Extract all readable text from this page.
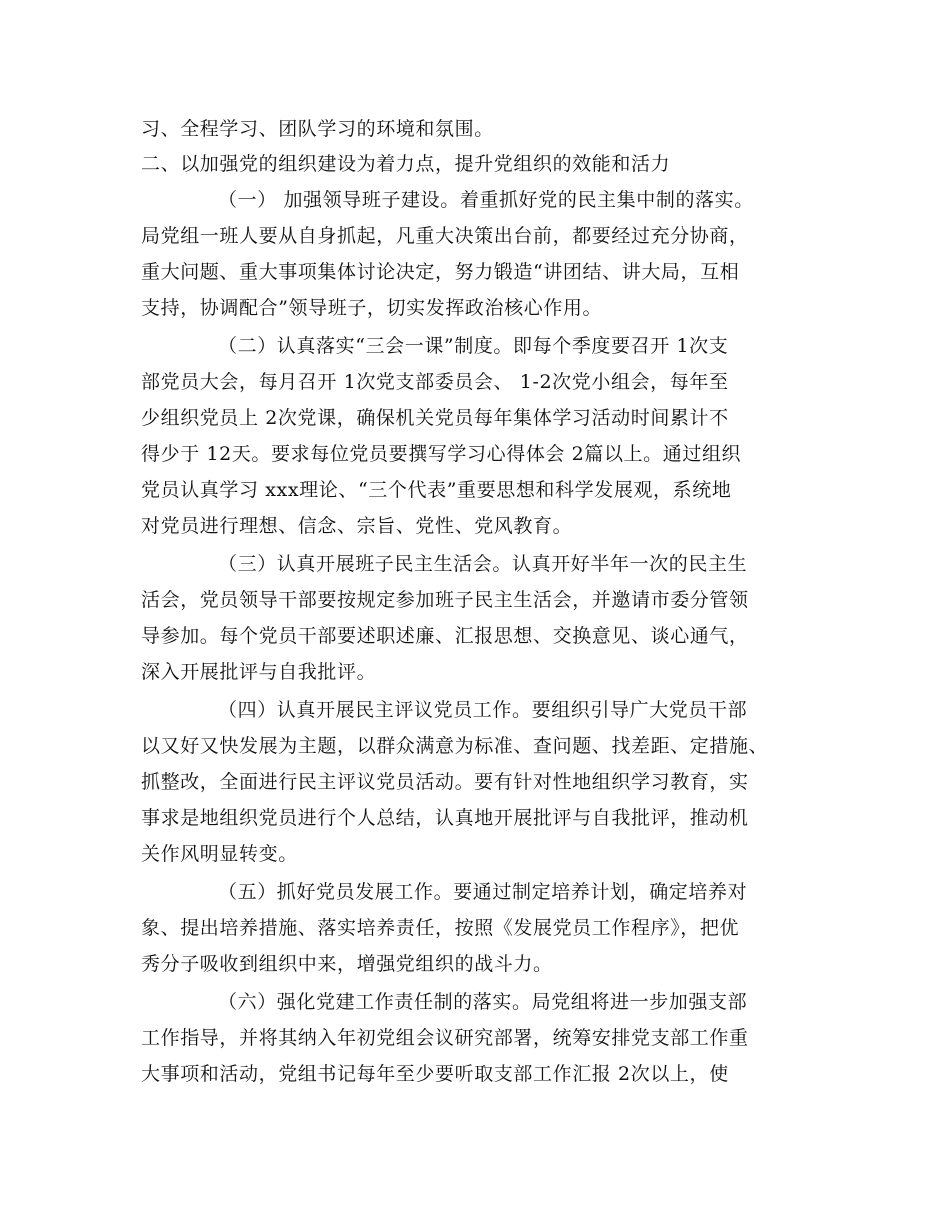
习、全程学习、团队学习的环境和氛围。

二、以加强党的组织建设为着力点，提升党组织的效能和活力

（一） 加强领导班子建设。着重抓好党的民主集中制的落实。

局党组一班人要从自身抓起，凡重大决策出台前，都要经过充分协商，

重大问题、重大事项集体讨论决定，努力锻造“讲团结、讲大局，互相

支持，协调配合”领导班子，切实发挥政治核心作用。

（二）认真落实“三会一课”制度。即每个季度要召开 1次支

部党员大会，每月召开 1次党支部委员会、 1-2次党小组会，每年至

少组织党员上 2次党课，确保机关党员每年集体学习活动时间累计不

得少于 12天。要求每位党员要撰写学习心得体会 2篇以上。通过组织

党员认真学习 xxx理论、“三个代表”重要思想和科学发展观，系统地

对党员进行理想、信念、宗旨、党性、党风教育。

（三）认真开展班子民主生活会。认真开好半年一次的民主生

活会，党员领导干部要按规定参加班子民主生活会，并邀请市委分管领

导参加。每个党员干部要述职述廉、汇报思想、交换意见、谈心通气，

深入开展批评与自我批评。

（四）认真开展民主评议党员工作。要组织引导广大党员干部

以又好又快发展为主题，以群众满意为标准、查问题、找差距、定措施、

抓整改，全面进行民主评议党员活动。要有针对性地组织学习教育，实

事求是地组织党员进行个人总结，认真地开展批评与自我批评，推动机

关作风明显转变。

（五）抓好党员发展工作。要通过制定培养计划，确定培养对

象、提出培养措施、落实培养责任，按照《发展党员工作程序》，把优

秀分子吸收到组织中来，增强党组织的战斗力。

（六）强化党建工作责任制的落实。局党组将进一步加强支部

工作指导，并将其纳入年初党组会议研究部署，统筹安排党支部工作重

大事项和活动，党组书记每年至少要听取支部工作汇报 2次以上，使
